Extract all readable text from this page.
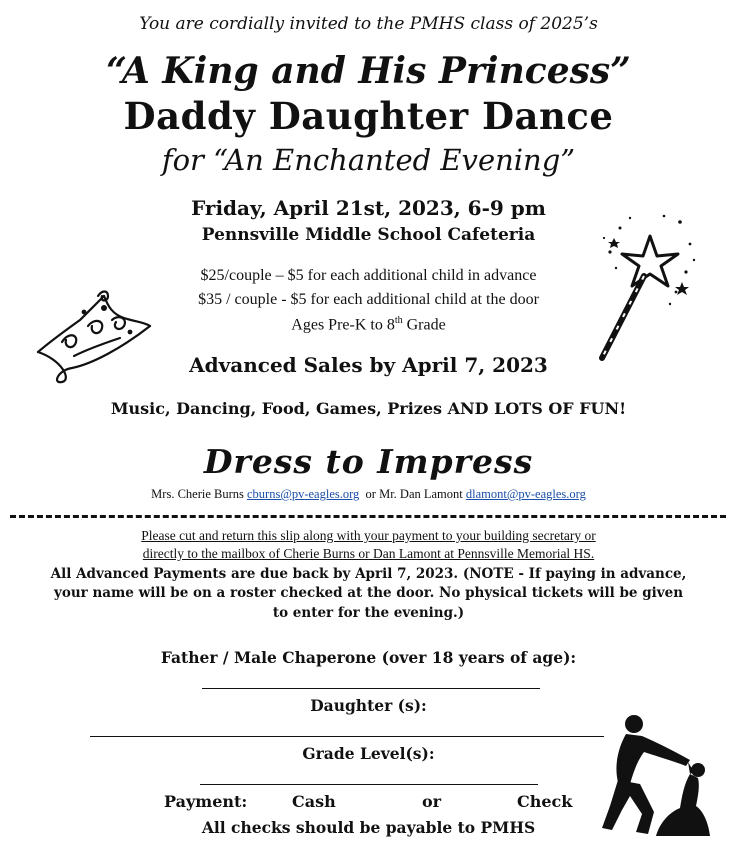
You are cordially invited to the PMHS class of 2025’s
“A King and His Princess”
Daddy Daughter Dance
for “An Enchanted Evening”
Friday, April 21st, 2023, 6-9 pm
Pennsville Middle School Cafeteria
$25/couple – $5 for each additional child in advance
$35 / couple - $5 for each additional child at the door
Ages Pre-K to 8th Grade
Advanced Sales by April 7, 2023
Music, Dancing, Food, Games, Prizes AND LOTS OF FUN!
Dress to Impress
Mrs. Cherie Burns cburns@pv-eagles.org  or Mr. Dan Lamont dlamont@pv-eagles.org
Please cut and return this slip along with your payment to your building secretary or
directly to the mailbox of Cherie Burns or Dan Lamont at Pennsville Memorial HS.
All Advanced Payments are due back by April 7, 2023. (NOTE - If paying in advance,
your name will be on a roster checked at the door. No physical tickets will be given
to enter for the evening.)
Father / Male Chaperone (over 18 years of age):
Daughter (s):
Grade Level(s):
Payment:	Cash	or	Check
All checks should be payable to PMHS
